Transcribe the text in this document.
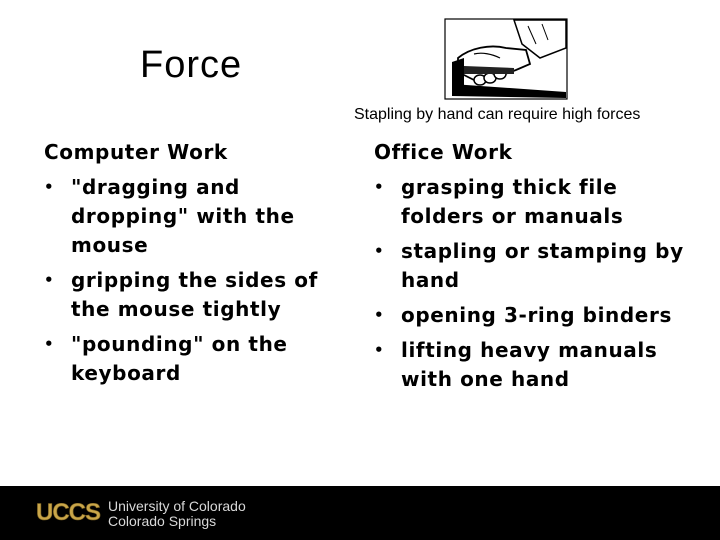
Force
Stapling by hand can require high forces
Computer Work
• "dragging and dropping" with the mouse
• gripping the sides of the mouse tightly
• "pounding" on the keyboard
Office Work
• grasping thick file folders or manuals
• stapling or stamping by hand
• opening 3-ring binders
• lifting heavy manuals with one hand
UCCS University of Colorado
Colorado Springs
